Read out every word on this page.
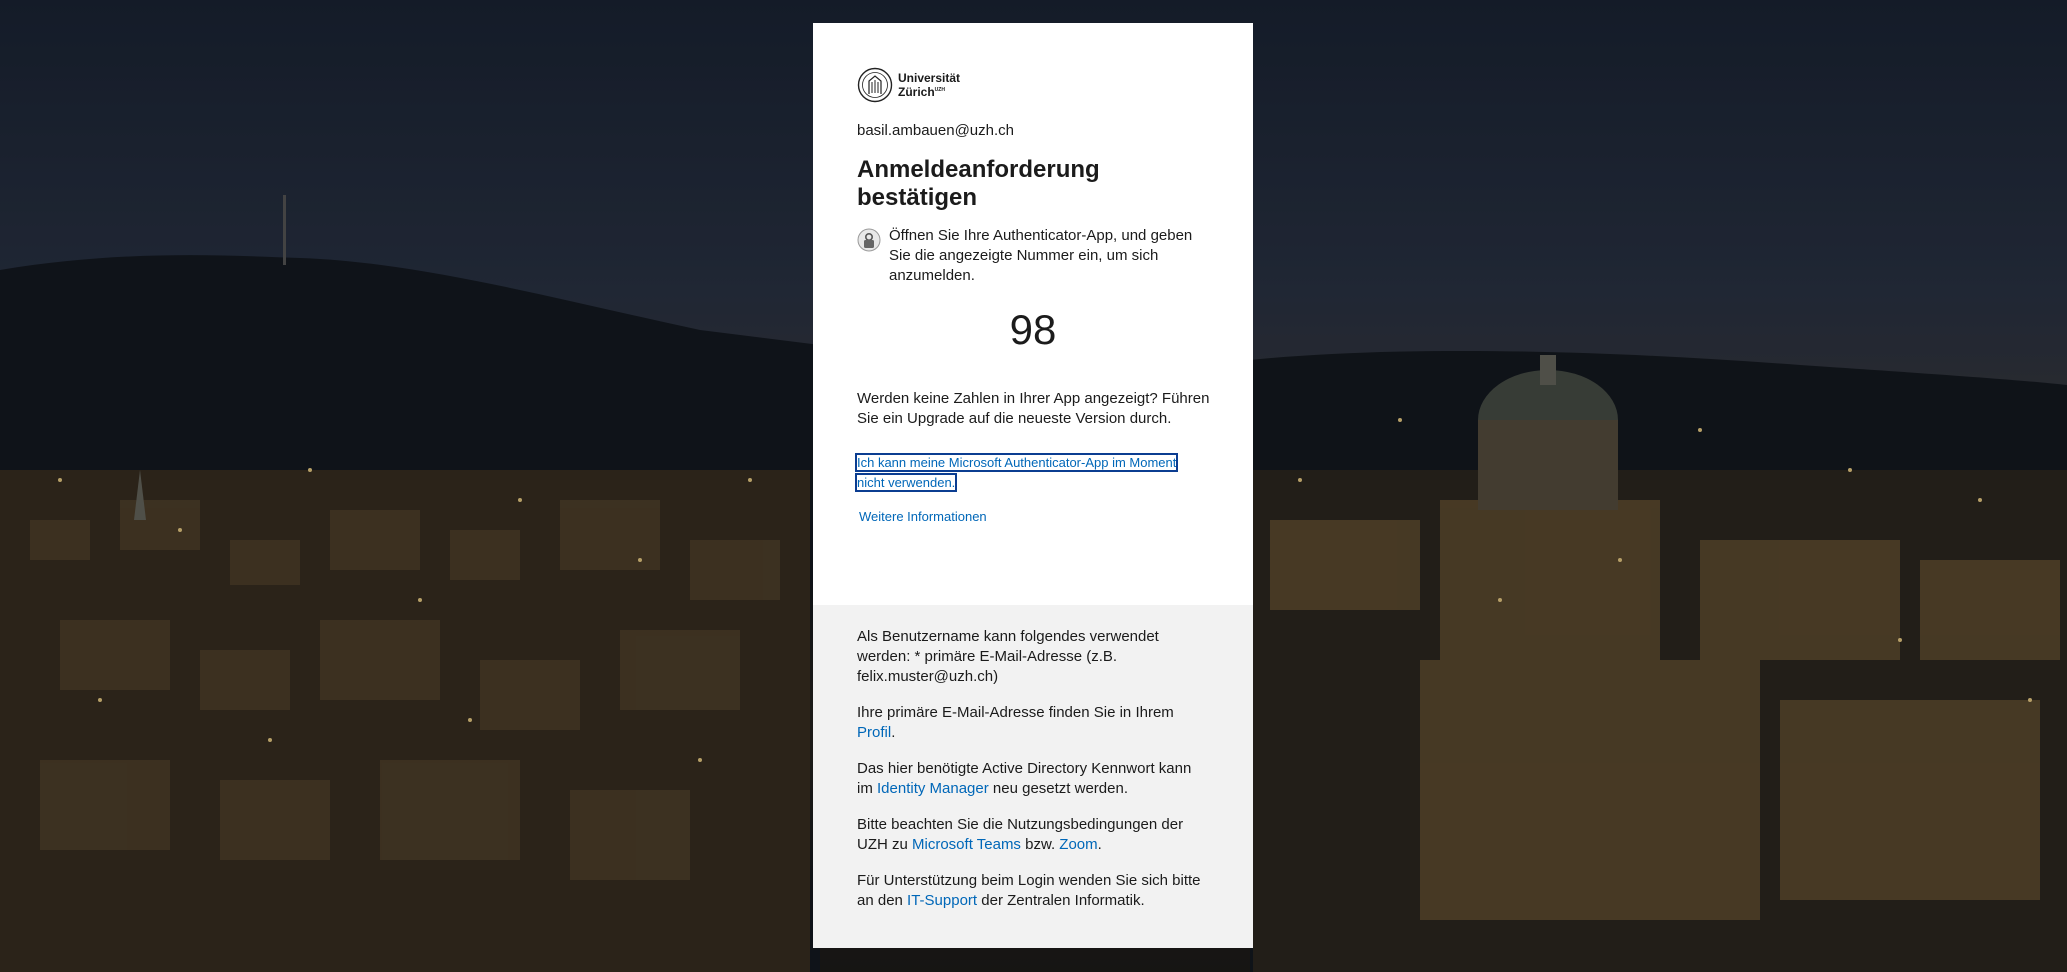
Universität
Zürich$^{UZH}$
basil.ambauen@uzh.ch
Anmeldeanforderung bestätigen
Öffnen Sie Ihre Authenticator-App, und geben Sie die angezeigte Nummer ein, um sich anzumelden.
98
Werden keine Zahlen in Ihrer App angezeigt? Führen Sie ein Upgrade auf die neueste Version durch.
Ich kann meine Microsoft Authenticator-App im Moment
nicht verwenden.
Weitere Informationen

Als Benutzername kann folgendes verwendet werden: * primäre E-Mail-Adresse (z.B. felix.muster@uzh.ch)

Ihre primäre E-Mail-Adresse finden Sie in Ihrem Profil.

Das hier benötigte Active Directory Kennwort kann im Identity Manager neu gesetzt werden.

Bitte beachten Sie die Nutzungsbedingungen der UZH zu Microsoft Teams bzw. Zoom.

Für Unterstützung beim Login wenden Sie sich bitte an den IT-Support der Zentralen Informatik.
